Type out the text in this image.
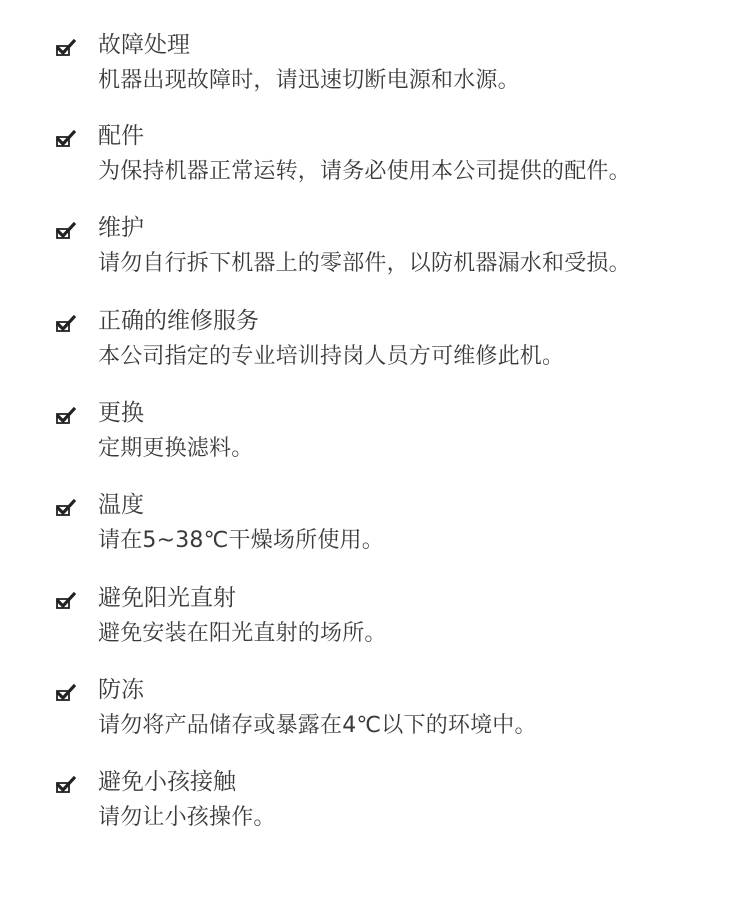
故障处理
机器出现故障时，请迅速切断电源和水源。
配件
为保持机器正常运转，请务必使用本公司提供的配件。
维护
请勿自行拆下机器上的零部件，以防机器漏水和受损。
正确的维修服务
本公司指定的专业培训持岗人员方可维修此机。
更换
定期更换滤料。
温度
请在5~38℃干燥场所使用。
避免阳光直射
避免安装在阳光直射的场所。
防冻
请勿将产品储存或暴露在4℃以下的环境中。
避免小孩接触
请勿让小孩操作。
